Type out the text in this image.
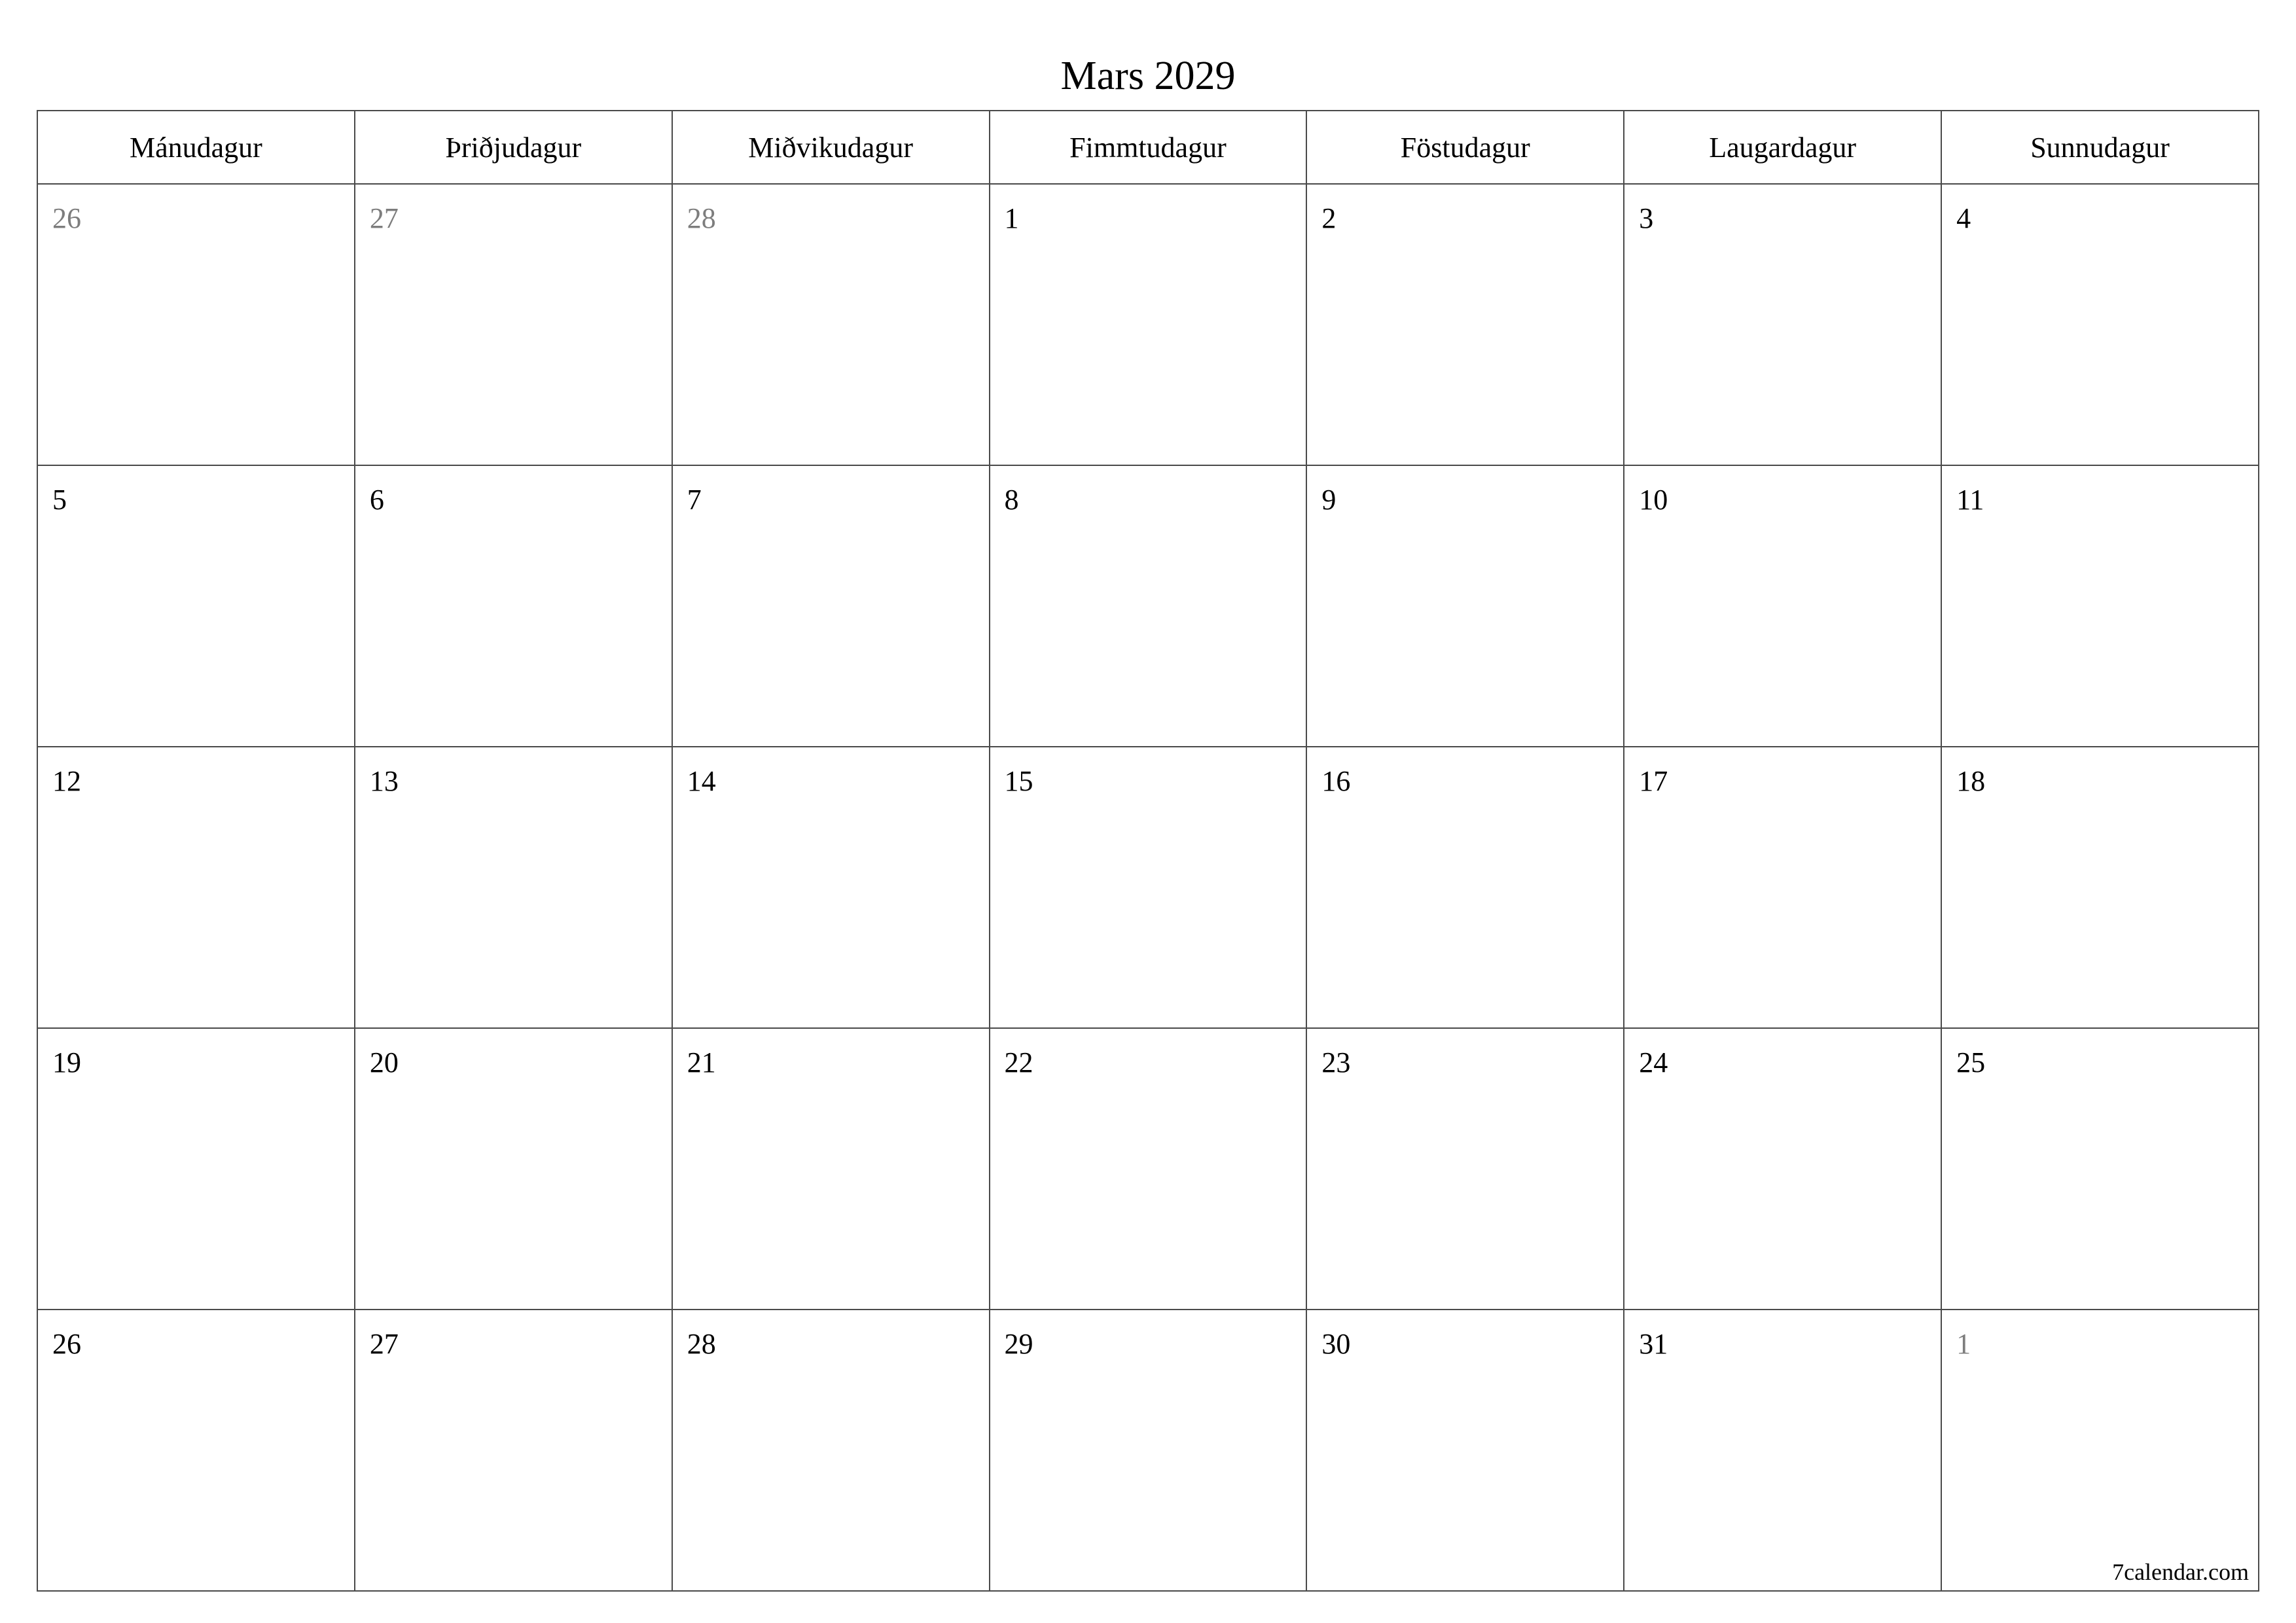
Mars 2029
Mánudagur	Þriðjudagur	Miðvikudagur	Fimmtudagur	Föstudagur	Laugardagur	Sunnudagur

26	27	28	1	2	3	4

5	6	7	8	9	10	11

12	13	14	15	16	17	18

19	20	21	22	23	24	25

26	27	28	29	30	31	1
7calendar.com
